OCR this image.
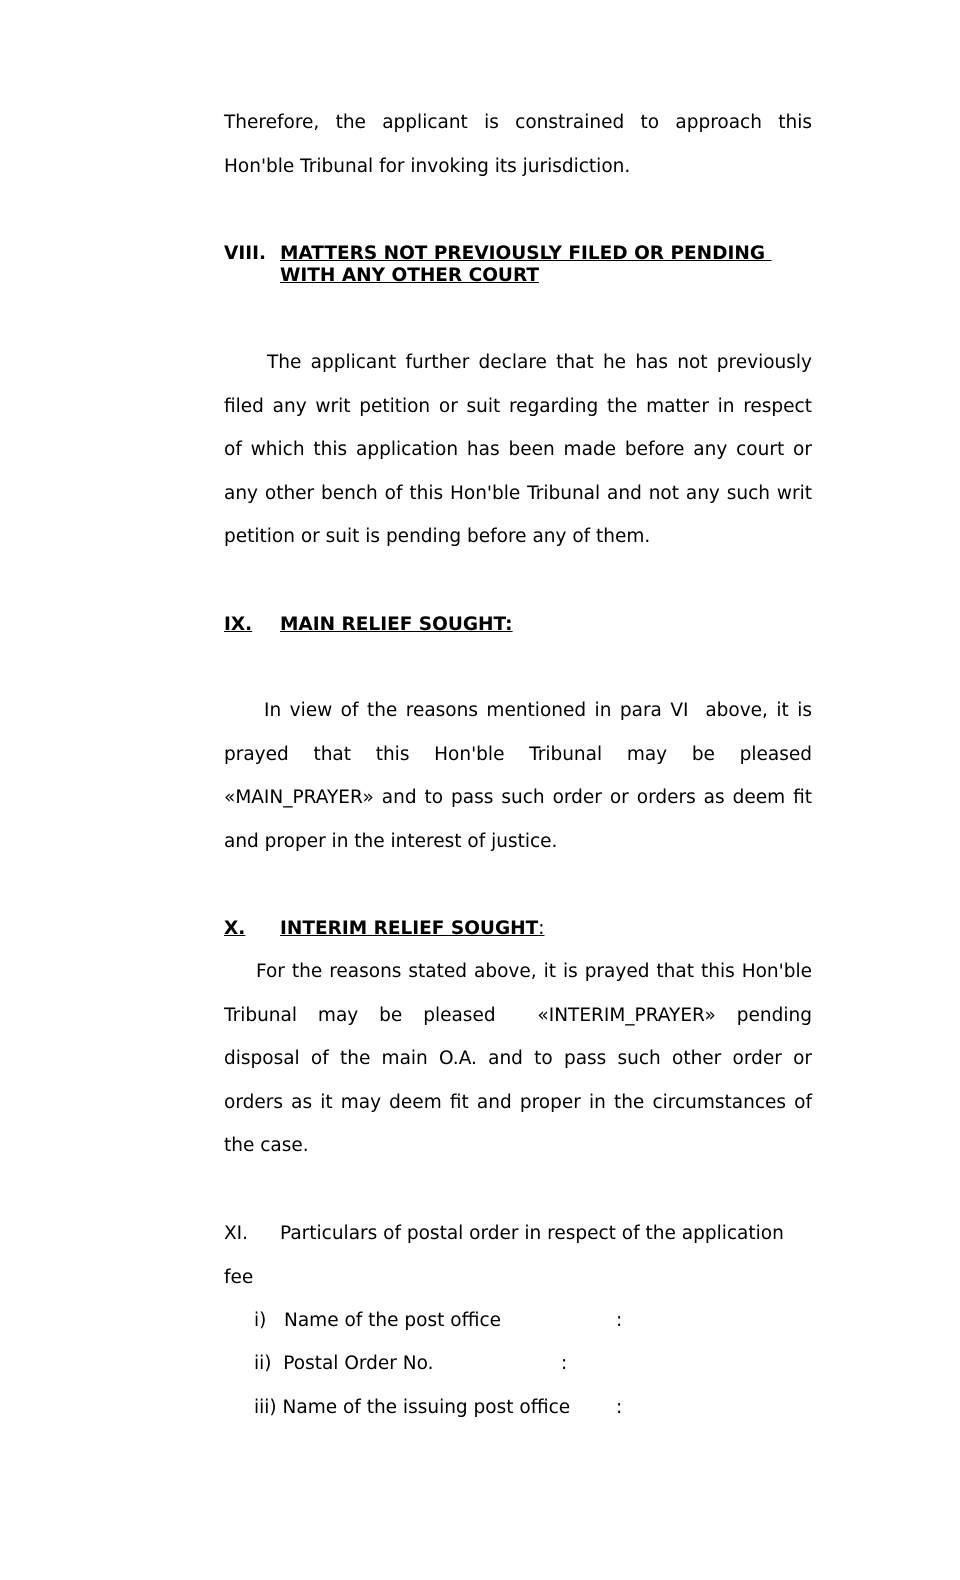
Therefore, the applicant is constrained to approach this

Hon'ble Tribunal for invoking its jurisdiction.

VIII. MATTERS NOT PREVIOUSLY FILED OR PENDING
WITH ANY OTHER COURT

The applicant further declare that he has not previously

filed any writ petition or suit regarding the matter in respect

of which this application has been made before any court or

any other bench of this Hon'ble Tribunal and not any such writ

petition or suit is pending before any of them.

IX.	MAIN RELIEF SOUGHT:

In view of the reasons mentioned in para VI  above, it is

prayed that this Hon'ble Tribunal may be pleased

«MAIN_PRAYER» and to pass such order or orders as deem fit

and proper in the interest of justice.

X.	INTERIM RELIEF SOUGHT:

For the reasons stated above, it is prayed that this Hon'ble

Tribunal may be pleased  «INTERIM_PRAYER» pending

disposal of the main O.A. and to pass such other order or

orders as it may deem fit and proper in the circumstances of

the case.

XI. Particulars of postal order in respect of the application

fee

i)   Name of the post office	:
ii)  Postal Order No.	:
iii) Name of the issuing post office :
